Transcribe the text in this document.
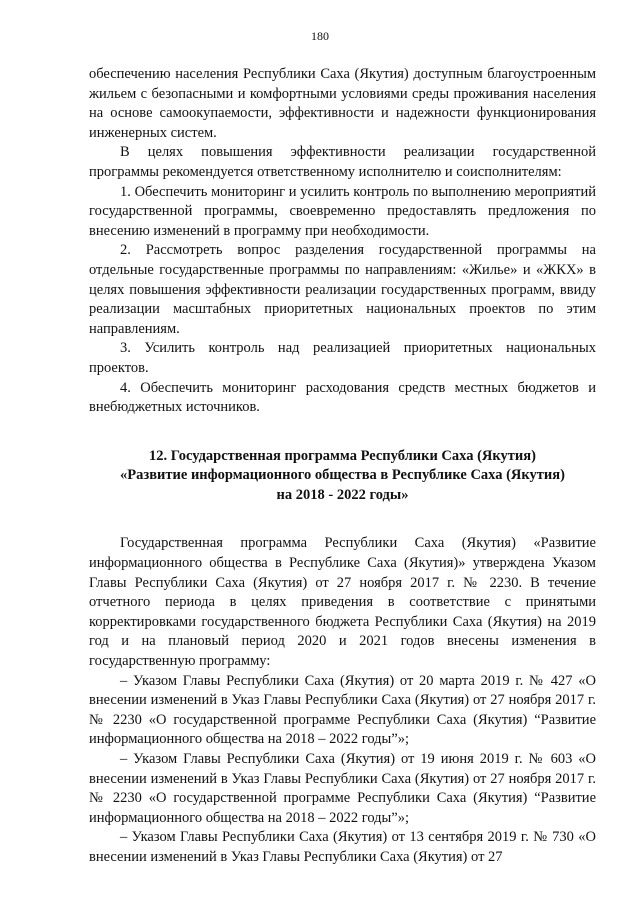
180

обеспечению населения Республики Саха (Якутия) доступным благоустроенным жильем с безопасными и комфортными условиями среды проживания населения на основе самоокупаемости, эффективности и надежности функционирования инженерных систем.

В целях повышения эффективности реализации государственной программы рекомендуется ответственному исполнителю и соисполнителям:

1. Обеспечить мониторинг и усилить контроль по выполнению мероприятий государственной программы, своевременно предоставлять предложения по внесению изменений в программу при необходимости.

2. Рассмотреть вопрос разделения государственной программы на отдельные государственные программы по направлениям: «Жилье» и «ЖКХ» в целях повышения эффективности реализации государственных программ, ввиду реализации масштабных приоритетных национальных проектов по этим направлениям.

3. Усилить контроль над реализацией приоритетных национальных проектов.

4. Обеспечить мониторинг расходования средств местных бюджетов и внебюджетных источников.

12. Государственная программа Республики Саха (Якутия)
«Развитие информационного общества в Республике Саха (Якутия)
на 2018 - 2022 годы»

Государственная программа Республики Саха (Якутия) «Развитие информационного общества в Республике Саха (Якутия)» утверждена Указом Главы Республики Саха (Якутия) от 27 ноября 2017 г. № 2230. В течение отчетного периода в целях приведения в соответствие с принятыми корректировками государственного бюджета Республики Саха (Якутия) на 2019 год и на плановый период 2020 и 2021 годов внесены изменения в государственную программу:

– Указом Главы Республики Саха (Якутия) от 20 марта 2019 г. № 427 «О внесении изменений в Указ Главы Республики Саха (Якутия) от 27 ноября 2017 г. № 2230 «О государственной программе Республики Саха (Якутия) “Развитие информационного общества на 2018 – 2022 годы”»;

– Указом Главы Республики Саха (Якутия) от 19 июня 2019 г. № 603 «О внесении изменений в Указ Главы Республики Саха (Якутия) от 27 ноября 2017 г. № 2230 «О государственной программе Республики Саха (Якутия) “Развитие информационного общества на 2018 – 2022 годы”»;

– Указом Главы Республики Саха (Якутия) от 13 сентября 2019 г. № 730 «О внесении изменений в Указ Главы Республики Саха (Якутия) от 27
